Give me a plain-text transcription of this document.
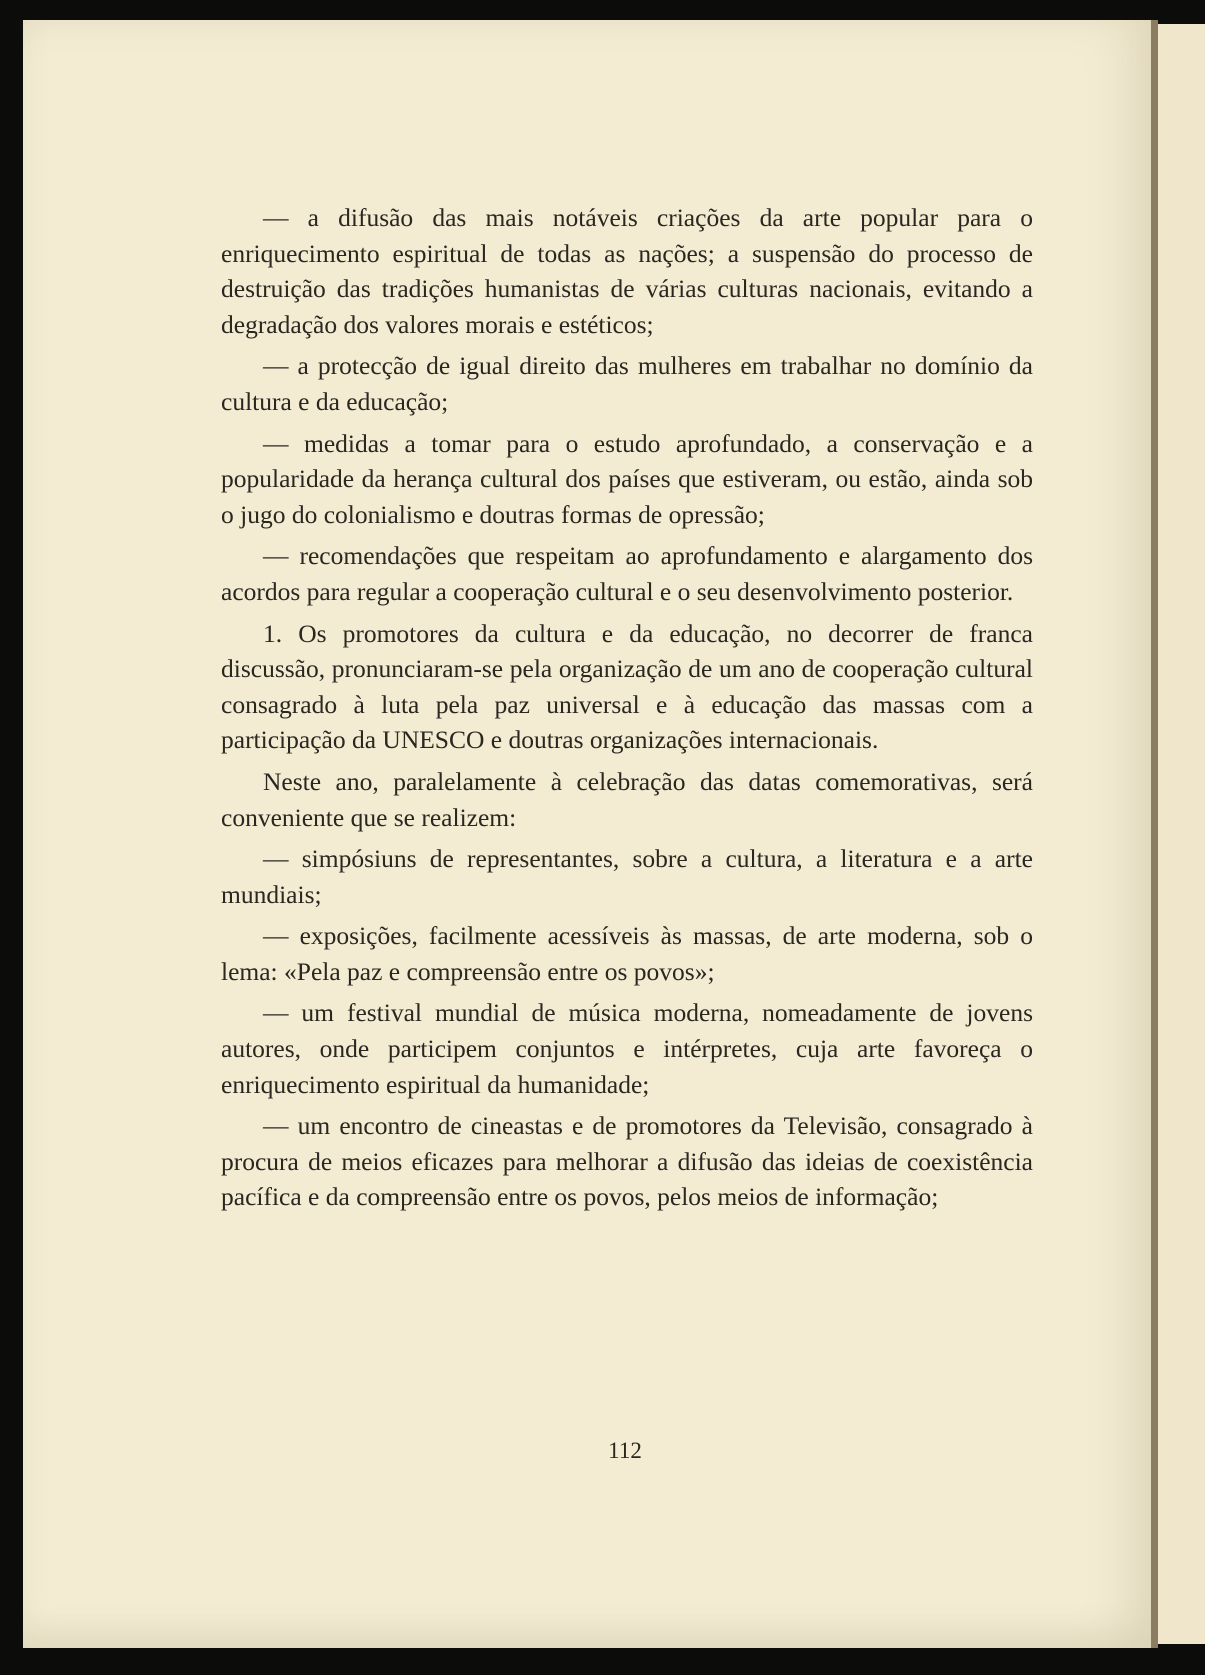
— a difusão das mais notáveis criações da arte popular para o enriquecimento espiritual de todas as nações; a suspensão do processo de destruição das tradições humanistas de várias culturas nacionais, evitando a degradação dos valores morais e estéticos;

— a protecção de igual direito das mulheres em trabalhar no domínio da cultura e da educação;

— medidas a tomar para o estudo aprofundado, a conservação e a popularidade da herança cultural dos países que estiveram, ou estão, ainda sob o jugo do colonialismo e doutras formas de opressão;

— recomendações que respeitam ao aprofundamento e alargamento dos acordos para regular a cooperação cultural e o seu desenvolvimento posterior.

1. Os promotores da cultura e da educação, no decorrer de franca discussão, pronunciaram-se pela organização de um ano de cooperação cultural consagrado à luta pela paz universal e à educação das massas com a participação da UNESCO e doutras organizações internacionais.

Neste ano, paralelamente à celebração das datas comemorativas, será conveniente que se realizem:

— simpósiuns de representantes, sobre a cultura, a literatura e a arte mundiais;

— exposições, facilmente acessíveis às massas, de arte moderna, sob o lema: «Pela paz e compreensão entre os povos»;

— um festival mundial de música moderna, nomeadamente de jovens autores, onde participem conjuntos e intérpretes, cuja arte favoreça o enriquecimento espiritual da humanidade;

— um encontro de cineastas e de promotores da Televisão, consagrado à procura de meios eficazes para melhorar a difusão das ideias de coexistência pacífica e da compreensão entre os povos, pelos meios de informação;

112
